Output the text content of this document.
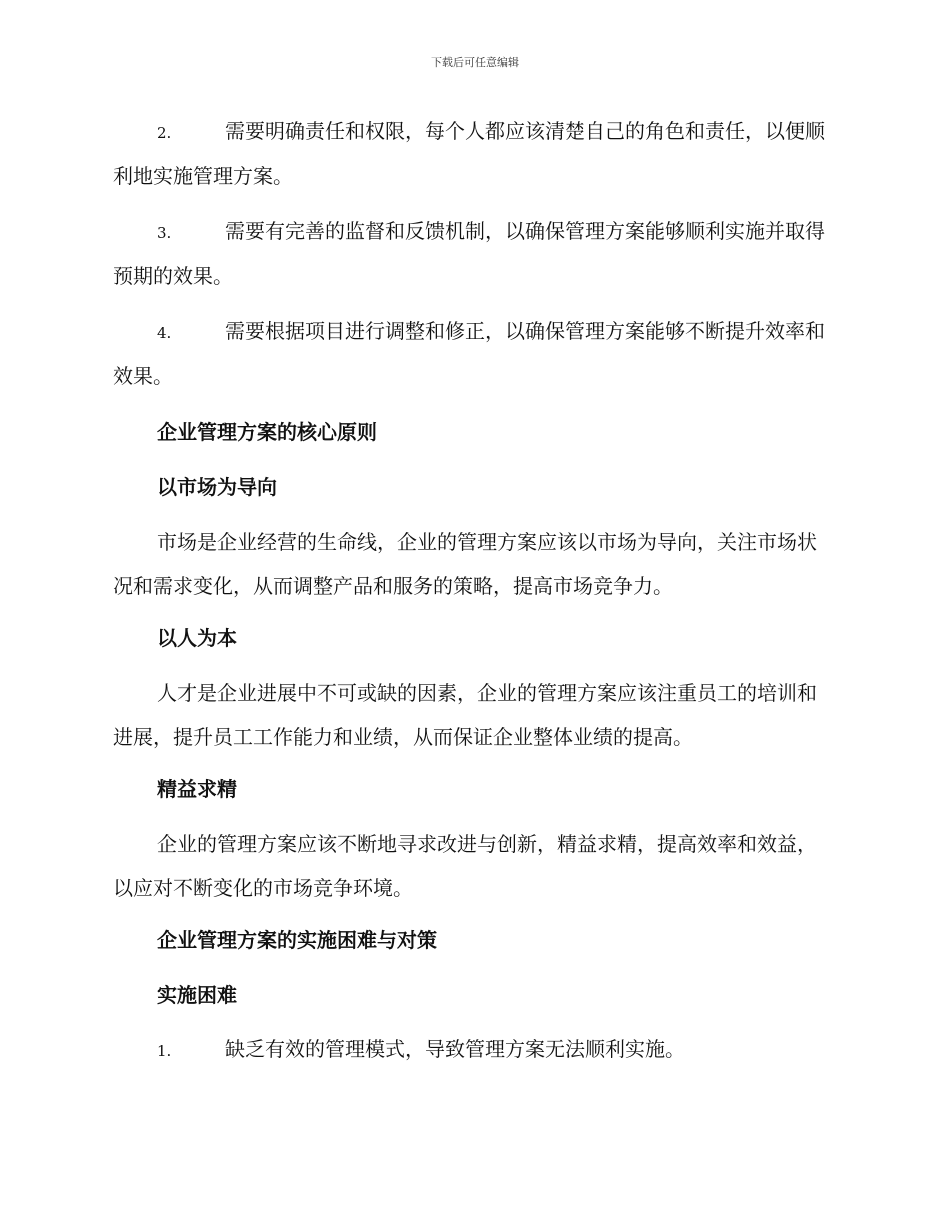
下载后可任意编辑

2.	需要明确责任和权限，每个人都应该清楚自己的角色和责任，以便顺利地实施管理方案。

3.	需要有完善的监督和反馈机制，以确保管理方案能够顺利实施并取得预期的效果。

4.	需要根据项目进行调整和修正，以确保管理方案能够不断提升效率和效果。

企业管理方案的核心原则
以市场为导向

市场是企业经营的生命线，企业的管理方案应该以市场为导向，关注市场状况和需求变化，从而调整产品和服务的策略，提高市场竞争力。

以人为本

人才是企业进展中不可或缺的因素，企业的管理方案应该注重员工的培训和进展，提升员工工作能力和业绩，从而保证企业整体业绩的提高。

精益求精

企业的管理方案应该不断地寻求改进与创新，精益求精，提高效率和效益，以应对不断变化的市场竞争环境。

企业管理方案的实施困难与对策
实施困难

1.	缺乏有效的管理模式，导致管理方案无法顺利实施。
